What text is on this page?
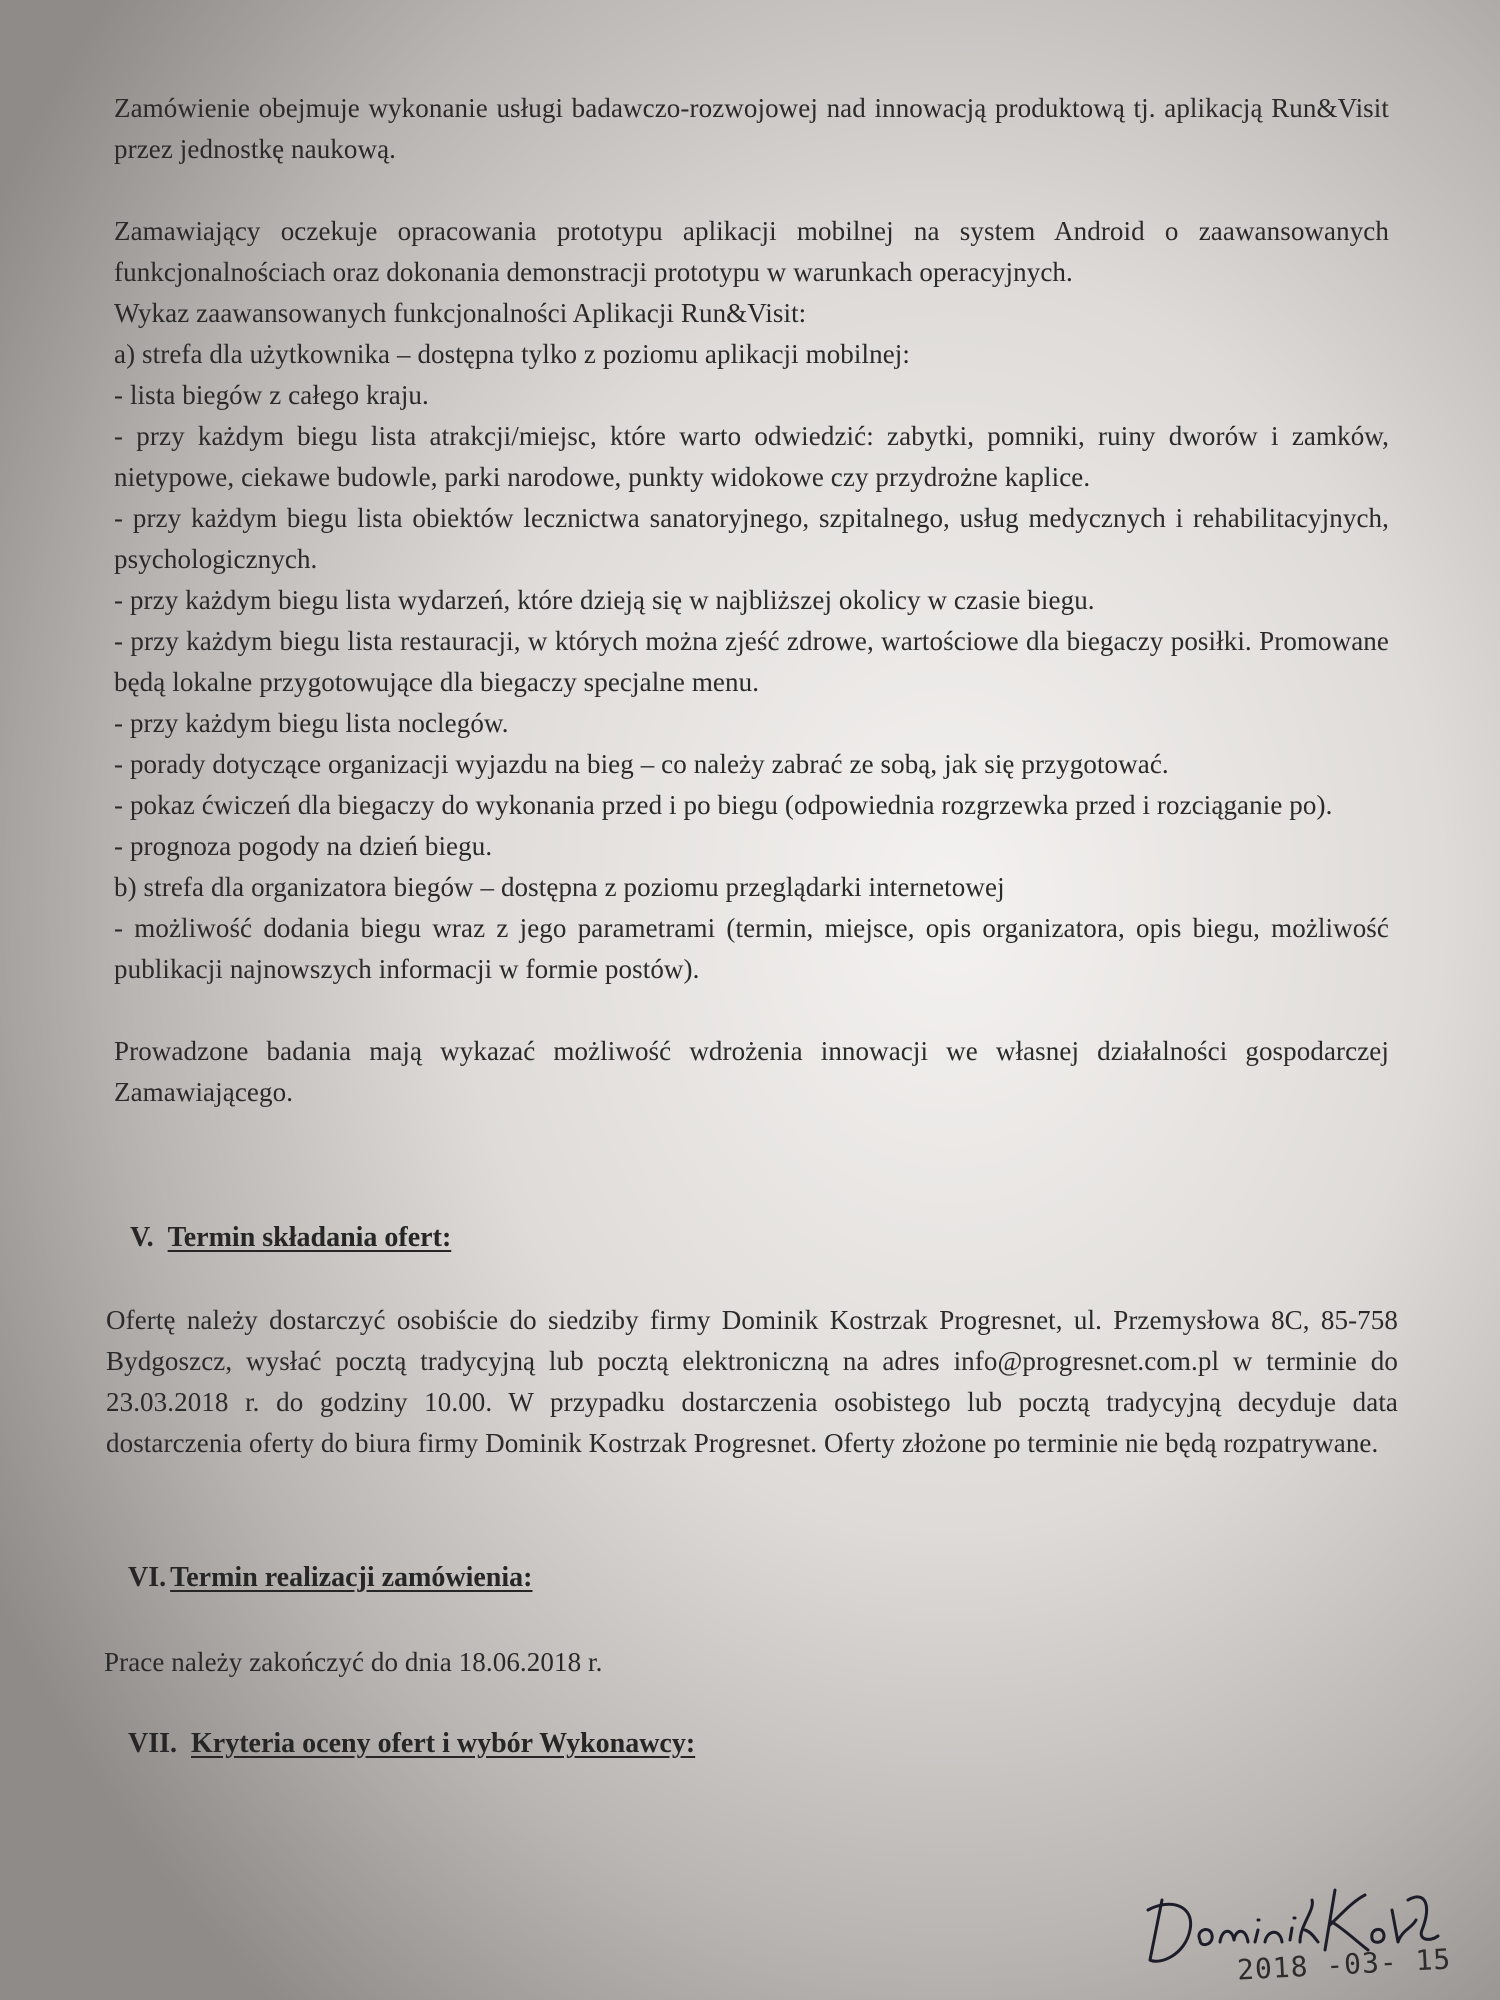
Zamówienie obejmuje wykonanie usługi badawczo-rozwojowej nad innowacją produktową tj. aplikacją Run&Visit przez jednostkę naukową.

Zamawiający oczekuje opracowania prototypu aplikacji mobilnej na system Android o zaawansowanych funkcjonalnościach oraz dokonania demonstracji prototypu w warunkach operacyjnych.

Wykaz zaawansowanych funkcjonalności Aplikacji Run&Visit:

a) strefa dla użytkownika – dostępna tylko z poziomu aplikacji mobilnej:

- lista biegów z całego kraju.

- przy każdym biegu lista atrakcji/miejsc, które warto odwiedzić: zabytki, pomniki, ruiny dworów i zamków, nietypowe, ciekawe budowle, parki narodowe, punkty widokowe czy przydrożne kaplice.

- przy każdym biegu lista obiektów lecznictwa sanatoryjnego, szpitalnego, usług medycznych i rehabilitacyjnych, psychologicznych.

- przy każdym biegu lista wydarzeń, które dzieją się w najbliższej okolicy w czasie biegu.

- przy każdym biegu lista restauracji, w których można zjeść zdrowe, wartościowe dla biegaczy posiłki. Promowane będą lokalne przygotowujące dla biegaczy specjalne menu.

- przy każdym biegu lista noclegów.

- porady dotyczące organizacji wyjazdu na bieg – co należy zabrać ze sobą, jak się przygotować.

- pokaz ćwiczeń dla biegaczy do wykonania przed i po biegu (odpowiednia rozgrzewka przed i rozciąganie po).

- prognoza pogody na dzień biegu.

b) strefa dla organizatora biegów – dostępna z poziomu przeglądarki internetowej

- możliwość dodania biegu wraz z jego parametrami (termin, miejsce, opis organizatora, opis biegu, możliwość publikacji najnowszych informacji w formie postów).

Prowadzone badania mają wykazać możliwość wdrożenia innowacji we własnej działalności gospodarczej Zamawiającego.

V. Termin składania ofert:

Ofertę należy dostarczyć osobiście do siedziby firmy Dominik Kostrzak Progresnet, ul. Przemysłowa 8C, 85-758 Bydgoszcz, wysłać pocztą tradycyjną lub pocztą elektroniczną na adres info@progresnet.com.pl w terminie do 23.03.2018 r. do godziny 10.00. W przypadku dostarczenia osobistego lub pocztą tradycyjną decyduje data dostarczenia oferty do biura firmy Dominik Kostrzak Progresnet. Oferty złożone po terminie nie będą rozpatrywane.

VI. Termin realizacji zamówienia:

Prace należy zakończyć do dnia 18.06.2018 r.

VII. Kryteria oceny ofert i wybór Wykonawcy:
2018 -03- 15
